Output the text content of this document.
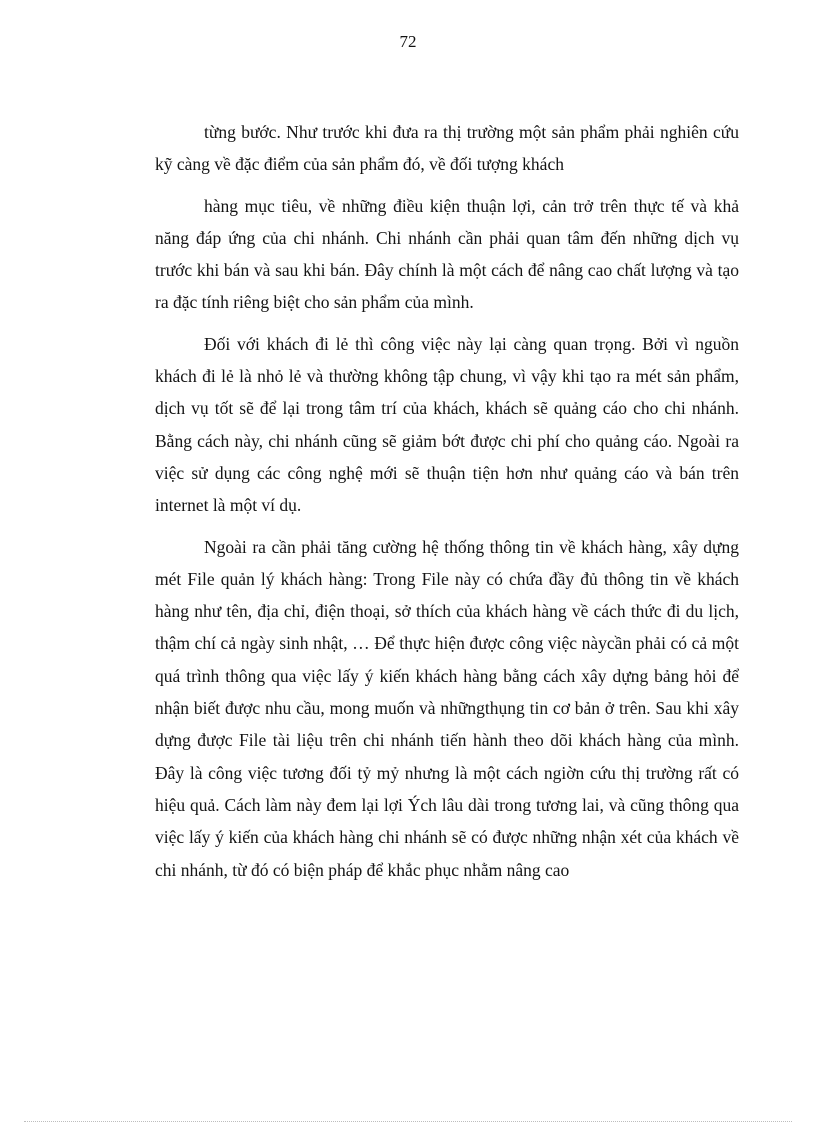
72

từng bước. Như trước khi đưa ra thị trường một sản phẩm phải nghiên cứu kỹ càng về đặc điểm của sản phẩm đó, về đối tượng khách

hàng mục tiêu, về những điều kiện thuận lợi, cản trở trên thực tế và khả năng đáp ứng của chi nhánh. Chi nhánh cần phải quan tâm đến những dịch vụ trước khi bán và sau khi bán. Đây chính là một cách để nâng cao chất lượng và tạo ra đặc tính riêng biệt cho sản phẩm của mình.

Đối với khách đi lẻ thì công việc này lại càng quan trọng. Bởi vì nguồn khách đi lẻ là nhỏ lẻ và thường không tập chung, vì vậy khi tạo ra mét sản phẩm, dịch vụ tốt sẽ để lại trong tâm trí của khách, khách sẽ quảng cáo cho chi nhánh. Bằng cách này, chi nhánh cũng sẽ giảm bớt được chi phí cho quảng cáo. Ngoài ra việc sử dụng các công nghệ mới sẽ thuận tiện hơn như quảng cáo và bán trên internet là một ví dụ.

Ngoài ra cần phải tăng cường hệ thống thông tin về khách hàng, xây dựng mét File quản lý khách hàng: Trong File này có chứa đầy đủ thông tin về khách hàng như tên, địa chỉ, điện thoại, sở thích của khách hàng về cách thức đi du lịch, thậm chí cả ngày sinh nhật, … Để thực hiện được công việc nàycần phải có cả một quá trình thông qua việc lấy ý kiến khách hàng bằng cách xây dựng bảng hỏi để nhận biết được nhu cầu, mong muốn và nhữngthụng tin cơ bản ở trên. Sau khi xây dựng được File tài liệu trên chi nhánh tiến hành theo dõi khách hàng của mình. Đây là công việc tương đối tỷ mỷ nhưng là một cách ngiờn cứu thị trường rất có hiệu quả. Cách làm này đem lại lợi Ých lâu dài trong tương lai, và cũng thông qua việc lấy ý kiến của khách hàng chi nhánh sẽ có được những nhận xét của khách về chi nhánh, từ đó có biện pháp để khắc phục nhằm nâng cao
